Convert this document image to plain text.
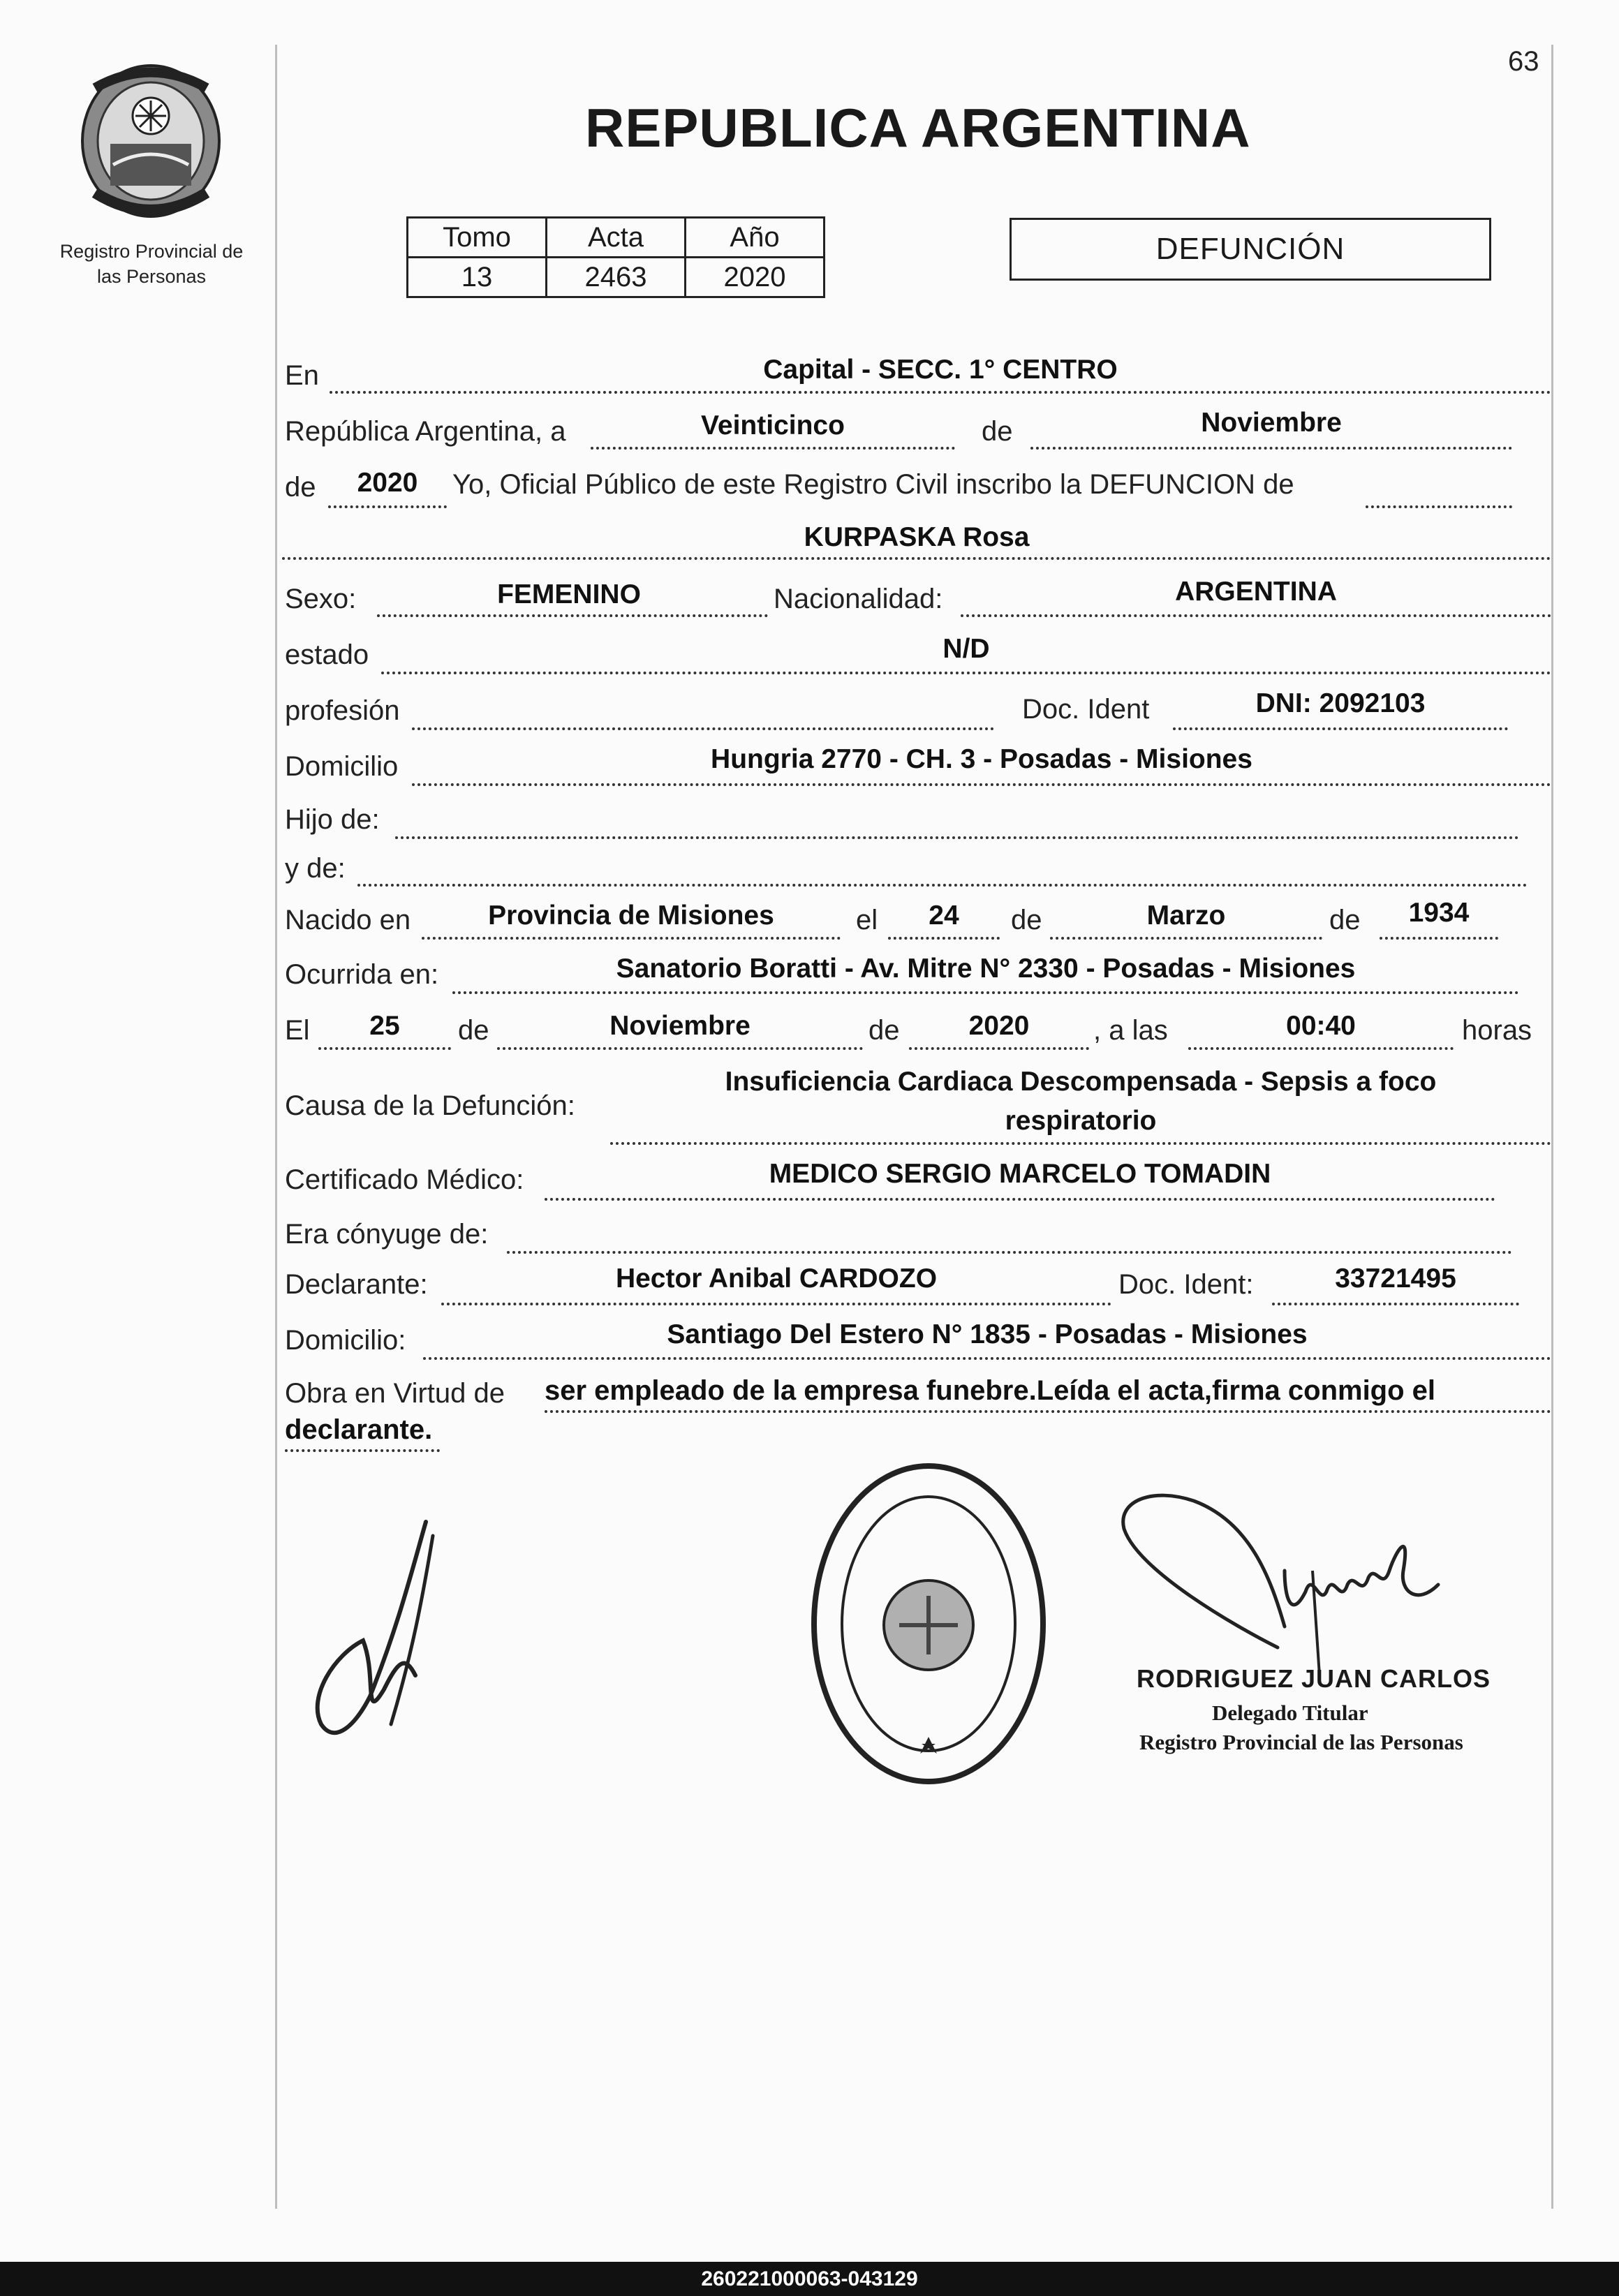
63
Registro Provincial de
las Personas
REPUBLICA ARGENTINA
Tomo	Acta	Año
13	2463	2020
DEFUNCIÓN
En	Capital - SECC. 1° CENTRO
República Argentina, a	Veinticinco	de	Noviembre
de	2020	Yo, Oficial Público de este Registro Civil inscribo la DEFUNCION de
KURPASKA Rosa
Sexo:	FEMENINO	Nacionalidad:	ARGENTINA
estado	N/D
profesión	Doc. Ident	DNI: 2092103
Domicilio	Hungria 2770 - CH. 3 - Posadas - Misiones
Hijo de:
y de:
Nacido en	Provincia de Misiones	el	24	de	Marzo	de	1934
Ocurrida en:	Sanatorio Boratti - Av. Mitre N° 2330 - Posadas - Misiones
El	25	de	Noviembre	de	2020	, a las	00:40	horas
Causa de la Defunción:
Insuficiencia Cardiaca Descompensada - Sepsis a foco
respiratorio
Certificado Médico:	MEDICO SERGIO MARCELO TOMADIN
Era cónyuge de:
Declarante:	Hector Anibal CARDOZO	Doc. Ident:	33721495
Domicilio:	Santiago Del Estero N° 1835 - Posadas - Misiones
Obra en Virtud de ser empleado de la empresa funebre.Leída el acta,firma conmigo el
declarante.
RODRIGUEZ JUAN CARLOS
Delegado Titular
Registro Provincial de las Personas
260221000063-043129
